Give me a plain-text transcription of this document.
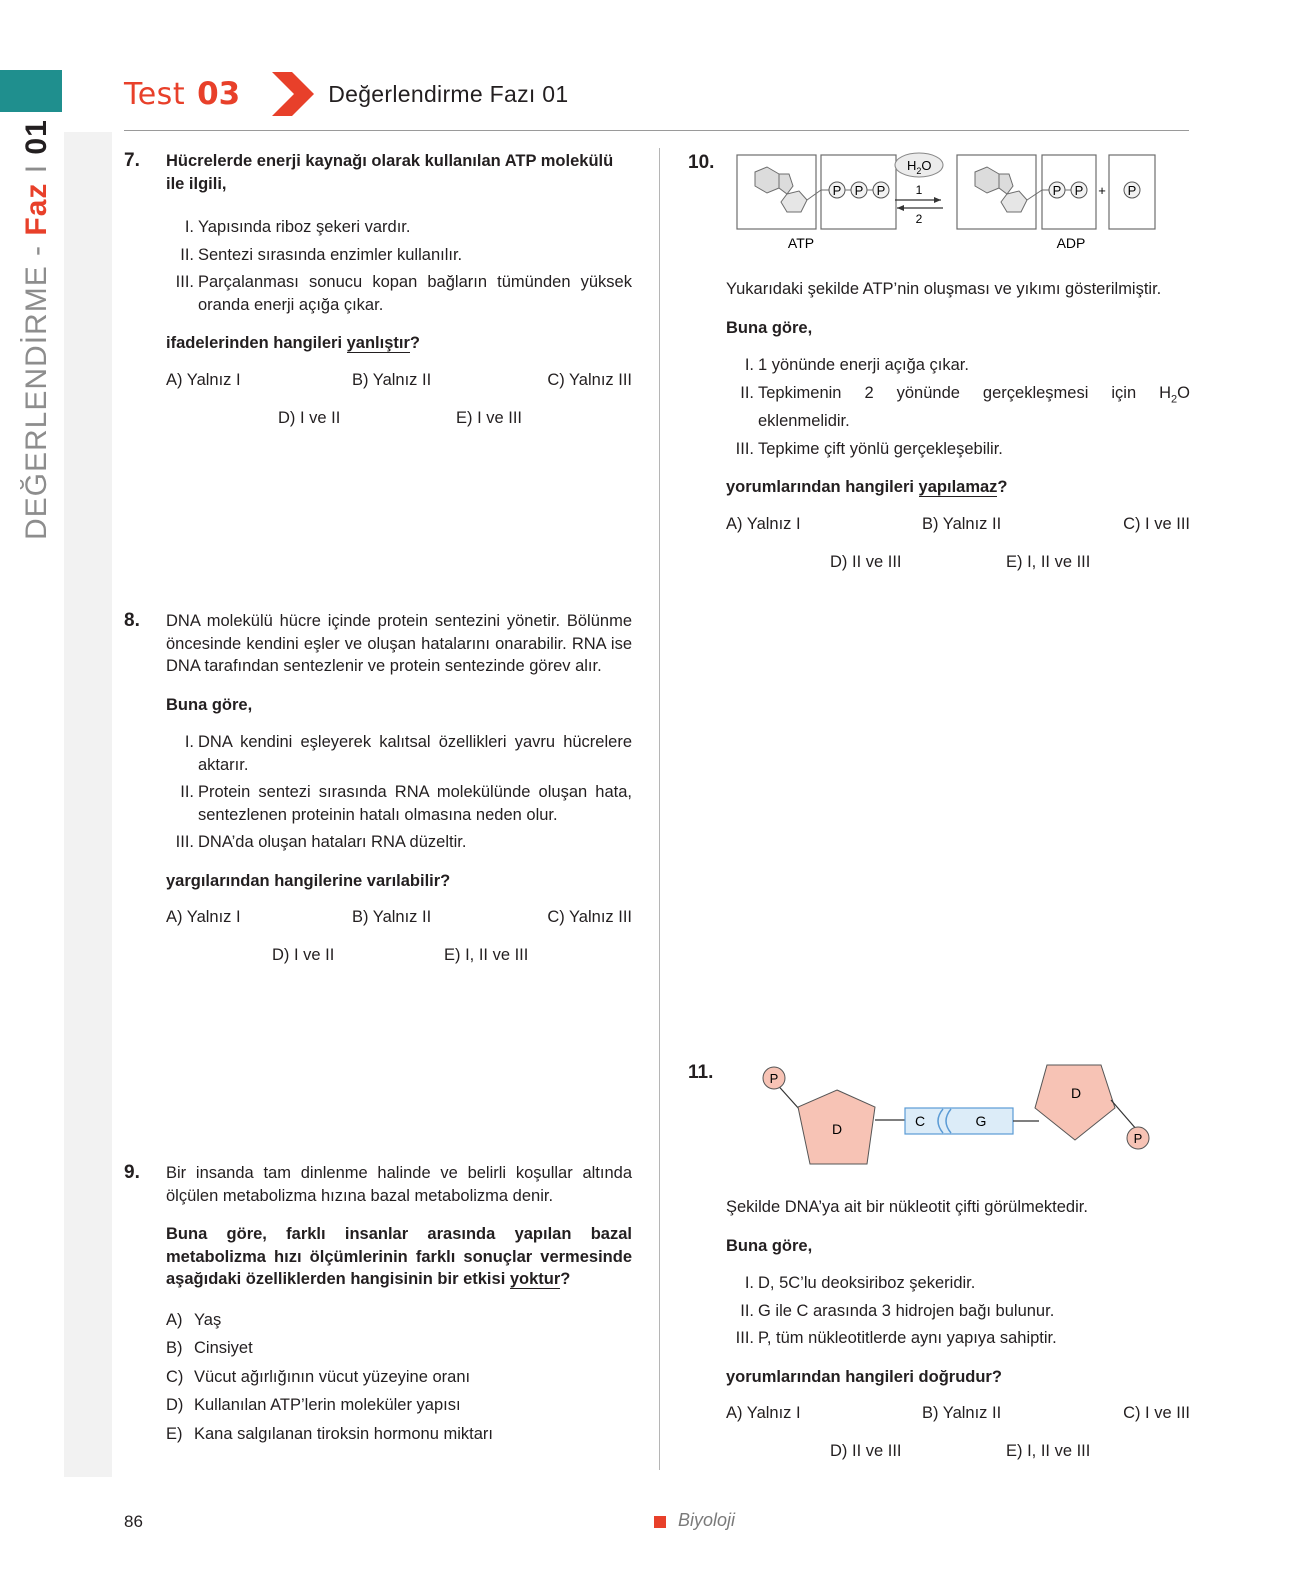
Test 03	Değerlendirme Fazı 01
DEĞERLENDİRME - Faz I 01
7. Hücrelerde enerji kaynağı olarak kullanılan ATP molekülü ile ilgili,
I. Yapısında riboz şekeri vardır.
II. Sentezi sırasında enzimler kullanılır.
III. Parçalanması sonucu kopan bağların tümünden yüksek oranda enerji açığa çıkar.
ifadelerinden hangileri yanlıştır?
A) Yalnız I	B) Yalnız II	C) Yalnız III
D) I ve II	E) I ve III
8. DNA molekülü hücre içinde protein sentezini yönetir. Bölünme öncesinde kendini eşler ve oluşan hatalarını onarabilir. RNA ise DNA tarafından sentezlenir ve protein sentezinde görev alır.
Buna göre,
I. DNA kendini eşleyerek kalıtsal özellikleri yavru hücrelere aktarır.
II. Protein sentezi sırasında RNA molekülünde oluşan hata, sentezlenen proteinin hatalı olmasına neden olur.
III. DNA’da oluşan hataları RNA düzeltir.
yargılarından hangilerine varılabilir?
A) Yalnız I	B) Yalnız II	C) Yalnız III
D) I ve II	E) I, II ve III
9. Bir insanda tam dinlenme halinde ve belirli koşullar altında ölçülen metabolizma hızına bazal metabolizma denir.
Buna göre, farklı insanlar arasında yapılan bazal metabolizma hızı ölçümlerinin farklı sonuçlar vermesinde aşağıdaki özelliklerden hangisinin bir etkisi yoktur?
A) Yaş
B) Cinsiyet
C) Vücut ağırlığının vücut yüzeyine oranı
D) Kullanılan ATP’lerin moleküler yapısı
E) Kana salgılanan tiroksin hormonu miktarı
10.
P P P
ATP
$H_2O$
1
2
P P + P
ADP
Yukarıdaki şekilde ATP’nin oluşması ve yıkımı gösterilmiştir.
Buna göre,
I. 1 yönünde enerji açığa çıkar.
II. Tepkimenin 2 yönünde gerçekleşmesi için $H_2O$ eklenmelidir.
III. Tepkime çift yönlü gerçekleşebilir.
yorumlarından hangileri yapılamaz?
A) Yalnız I	B) Yalnız II	C) I ve III
D) II ve III	E) I, II ve III
11.	P
D	C	G
D
P
Şekilde DNA’ya ait bir nükleotit çifti görülmektedir.
Buna göre,
I. D, 5C’lu deoksiriboz şekeridir.
II. G ile C arasında 3 hidrojen bağı bulunur.
III. P, tüm nükleotitlerde aynı yapıya sahiptir.
yorumlarından hangileri doğrudur?
A) Yalnız I	B) Yalnız II	C) I ve III
D) II ve III	E) I, II ve III
86	Biyoloji
